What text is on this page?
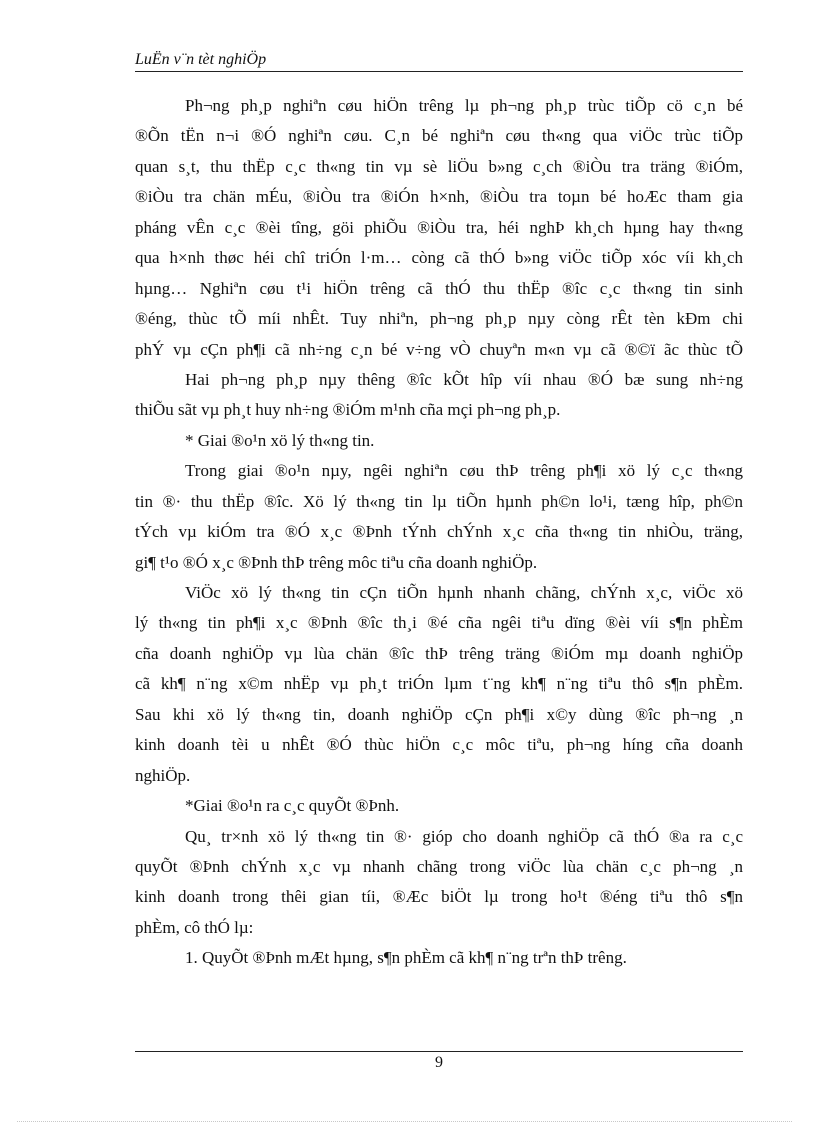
LuËn v¨n tèt nghiÖp
Ph¬ng ph¸p nghiªn cøu hiÖn trêng lµ ph¬ng ph¸p trùc tiÕp cö c¸n bé
®Õn tËn n¬i ®Ó nghiªn cøu. C¸n bé nghiªn cøu th«ng qua viÖc trùc tiÕp
quan s¸t, thu thËp c¸c th«ng tin vµ sè liÖu b»ng c¸ch ®iÒu tra träng ®iÓm,
®iÒu tra chän mÉu, ®iÒu tra ®iÓn h×nh, ®iÒu tra toµn bé hoÆc tham gia
pháng vÊn c¸c ®èi tîng, göi phiÕu ®iÒu tra, héi nghÞ kh¸ch hµng hay th«ng
qua h×nh thøc héi chî triÓn l·m… còng cã thÓ b»ng viÖc tiÕp xóc víi kh¸ch
hµng… Nghiªn cøu t¹i hiÖn trêng cã thÓ thu thËp ®îc c¸c th«ng tin sinh
®éng, thùc tÕ míi nhÊt. Tuy nhiªn, ph¬ng ph¸p nµy còng rÊt tèn kÐm chi
phÝ vµ cÇn ph¶i cã nh÷ng c¸n bé v÷ng vÒ chuyªn m«n vµ cã ®©ï ãc thùc tÕ
Hai ph¬ng ph¸p nµy thêng ®îc kÕt hîp víi nhau ®Ó bæ sung nh÷ng
thiÕu sãt vµ ph¸t huy nh÷ng ®iÓm m¹nh cña mçi ph¬ng ph¸p.
* Giai ®o¹n xö lý th«ng tin.
Trong giai ®o¹n nµy, ngêi nghiªn cøu thÞ trêng ph¶i xö lý c¸c th«ng
tin ®· thu thËp ®îc. Xö lý th«ng tin lµ tiÕn hµnh ph©n lo¹i, tæng hîp, ph©n
tÝch vµ kiÓm tra ®Ó x¸c ®Þnh tÝnh chÝnh x¸c cña th«ng tin nhiÒu, träng,
gi¶ t¹o ®Ó x¸c ®Þnh thÞ trêng môc tiªu cña doanh nghiÖp.
ViÖc xö lý th«ng tin cÇn tiÕn hµnh nhanh chãng, chÝnh x¸c, viÖc xö
lý th«ng tin ph¶i x¸c ®Þnh ®îc th¸i ®é cña ngêi tiªu dïng ®èi víi s¶n phÈm
cña doanh nghiÖp vµ lùa chän ®îc thÞ trêng träng ®iÓm mµ doanh nghiÖp
cã kh¶ n¨ng x©m nhËp vµ ph¸t triÓn lµm t¨ng kh¶ n¨ng tiªu thô s¶n phÈm.
Sau khi xö lý th«ng tin, doanh nghiÖp cÇn ph¶i x©y dùng ®îc ph¬ng ¸n
kinh doanh tèi u nhÊt ®Ó thùc hiÖn c¸c môc tiªu, ph¬ng híng cña doanh
nghiÖp.
*Giai ®o¹n ra c¸c quyÕt ®Þnh.
Qu¸ tr×nh xö lý th«ng tin ®· gióp cho doanh nghiÖp cã thÓ ®a ra c¸c
quyÕt ®Þnh chÝnh x¸c vµ nhanh chãng trong viÖc lùa chän c¸c ph¬ng ¸n
kinh doanh trong thêi gian tíi, ®Æc biÖt lµ trong ho¹t ®éng tiªu thô s¶n
phÈm, cô thÓ lµ:
1. QuyÕt ®Þnh mÆt hµng, s¶n phÈm cã kh¶ n¨ng trªn thÞ trêng.
9
